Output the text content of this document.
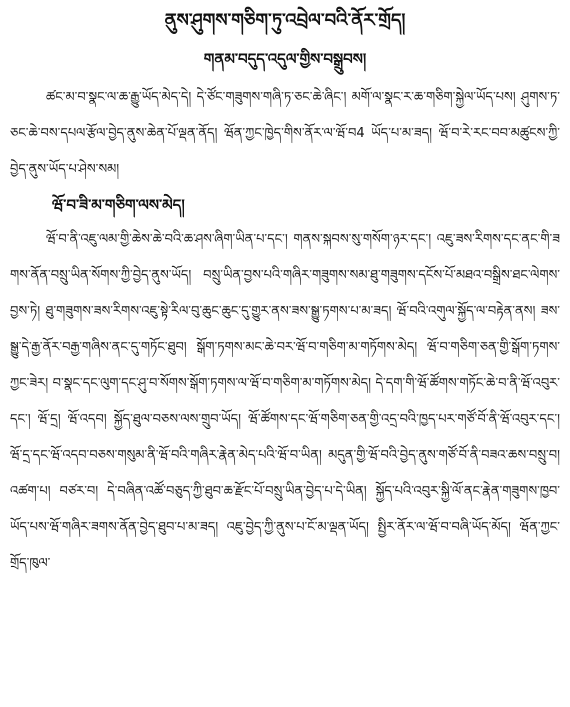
ནུས་ཤུགས་གཅིག་ཏུ་འབྲེལ་བའི་ནོར་གྲོད།
གནམ་བདུད་འདུལ་གྱིས་བསྒྲུབས།

ཚང་མ་བ་སྣང་ལ་ཆ་རྒྱུ་ཡོད་མེད་དེ། དེ་ཙོང་གཟུགས་གཞི་ཏ་ཅང་ཆེ་ཞིང་། མགོ་ལ་སྣང་ར་ཆ་གཅིག་སྐྱེལ་ཡོད་པས། ཤུགས་ཏ་ཅང་ཆེ་བས་དཔལ་རྩོལ་བྱེད་ནུས་ཆེན་པོ་ལྡན་ནོད། ཝོན་ཀྱང་ཁྱེད་གིས་ནོར་ལ་ཝོ་བ4 ཡོད་པ་མ་ཟད། ཝོ་བ་རེ་རང་བབ་མཚུངས་ཀྱི་བྱེད་ནུས་ཡོད་པ་ཤེས་སམ།

ཝོ་བ་ཟི་མ་གཅིག་ལས་མེད།

ཝོ་བ་ནི་འཇུ་ལམ་གྱི་ཆེས་ཆེ་བའི་ཆ་ཤས་ཞིག་ཡིན་པ་དང་། གནས་སྐབས་སུ་གསོག་ཉར་དང་། འཇུ་ཟས་རིགས་དང་ནང་གི་ཟགས་ནོན་བསྲུ་ཡིན་སོགས་ཀྱི་བྱེད་ནུས་ཡོད། བསྲུ་ཡིན་བྱས་པའི་གཞིར་གཟུགས་སམ་ཐུ་གཟུགས་དངོས་པོ་མཐའ་བསྒྲིས་ཐང་ལེགས་བྱས་ཏེ། ཐུ་གཟུགས་ཟས་རིགས་འཇུ་སྟེ་རིལ་བུ་ཆུང་ཆུང་དུ་གྱུར་ནས་ཟས་སྒྱུ་ཏགས་པ་མ་ཟད། ཝོ་བའི་འགུལ་སྐྱོད་ལ་བརྟེན་ནས། ཟས་སྒྱུ་དེ་རྒྱ་ནོར་བརྒྱ་གཞིས་ནང་དུ་གཏོང་ཐུབ། སྒོག་ཏགས་མང་ཆེ་བར་ཝོ་བ་གཅིག་མ་གཏོགས་མེད། ཝོ་བ་གཅིག་ཅན་གྱི་སྒོག་ཏགས་ཀྱང་ཟེར། བ་སྣང་དང་ལུག་དང་ཤུ་བ་སོགས་སྒོག་ཏགས་ལ་ཝོ་བ་གཅིག་མ་གཏོགས་མེད། དེ་དག་གི་ཝོ་ཚོགས་གཏོང་ཆེ་བ་ནི་ཝོ་འབུར་དང་། ཝོ་དྲ། ཝོ་འདབ། སྐྱོད་ཐུལ་བཅས་ལས་གྲུབ་ཡོད། ཝོ་ཚོགས་དང་ཝོ་གཅིག་ཅན་གྱི་འདྲ་བའི་ཁྱད་པར་གཙོ་བོ་ནི་ཝོ་འབུར་དང་། ཝོ་དྲ་དང་ཝོ་འདབ་བཅས་གསུམ་ནི་ཝོ་བའི་གཞིར་རྣེན་མེད་པའི་ཝོ་བ་ཡིན། མདུན་གྱི་ཝོ་བའི་བྱེད་ནུས་གཙོ་བོ་ནི་བཟའ་ཆས་བསྲུ་བ། འཚག་པ། བཙར་བ། དེ་བཞིན་འཚོ་བཅུད་ཀྱི་ཐུབ་ཆ་རྫོང་པོ་བསྲུ་ཡིན་བྱེད་པ་དེ་ཡིན། སྐྱོད་པའི་འབུར་སྐྱི་ལོ་ནང་རྣེན་གཟུགས་ཁྱབ་ཡོད་པས་ཝོ་གཞིར་ཟགས་ནོན་བྱེད་ཐུབ་པ་མ་ཟད། འཇུ་བྱེད་ཀྱི་ནུས་པ་ངོ་མ་ལྡན་ཡོད། སྤྱིར་ནོར་ལ་ཝོ་བ་བཞི་ཡོད་མོད། ཝོན་ཀྱང་གྲོད་ཁུལ་
